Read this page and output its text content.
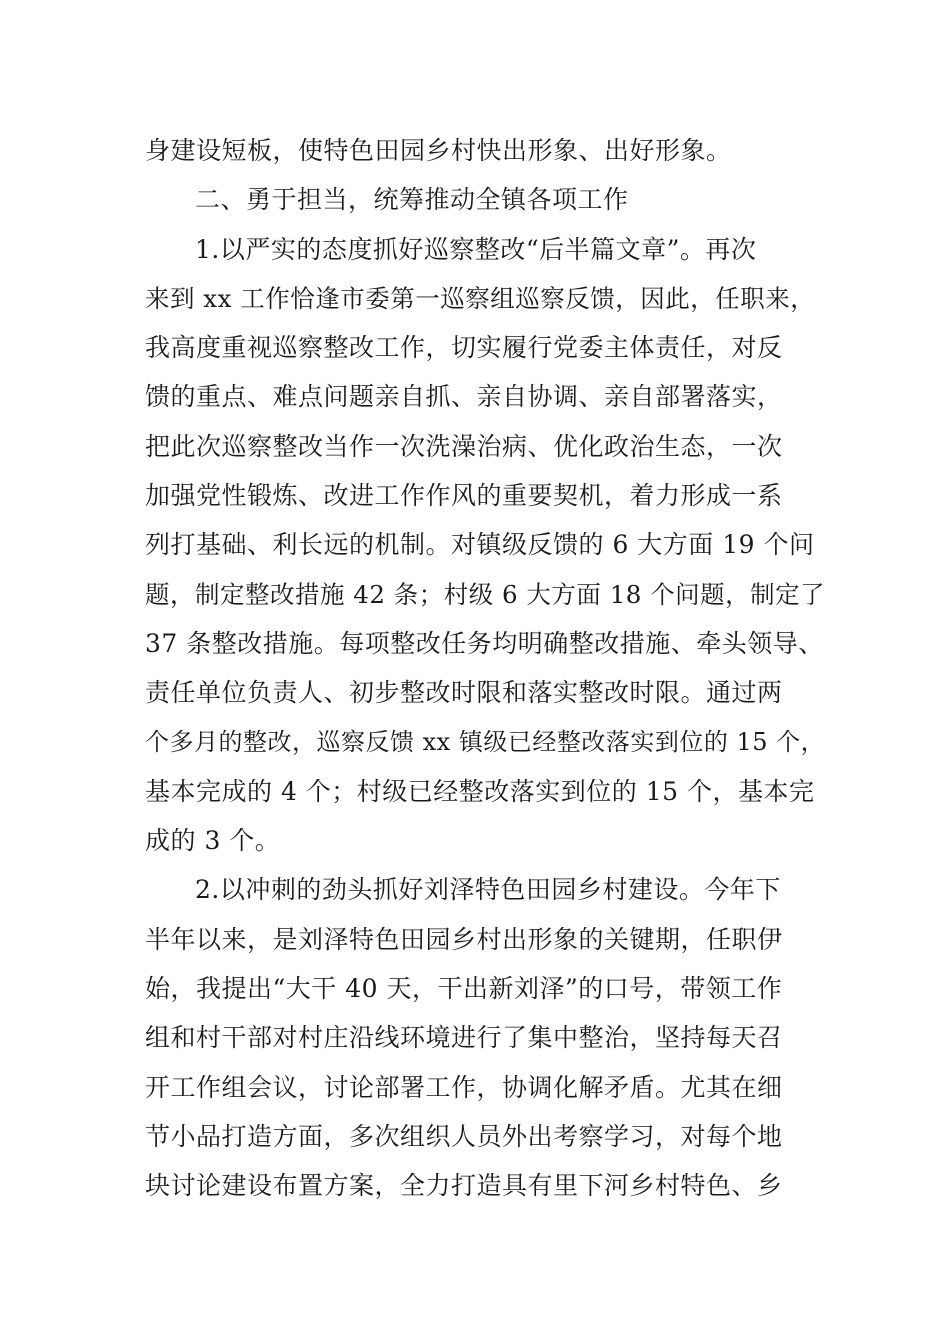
身建设短板，使特色田园乡村快出形象、出好形象。
二、勇于担当，统筹推动全镇各项工作
1.以严实的态度抓好巡察整改“后半篇文章”。再次
来到 xx 工作恰逢市委第一巡察组巡察反馈，因此，任职来，
我高度重视巡察整改工作，切实履行党委主体责任，对反
馈的重点、难点问题亲自抓、亲自协调、亲自部署落实，
把此次巡察整改当作一次洗澡治病、优化政治生态，一次
加强党性锻炼、改进工作作风的重要契机，着力形成一系
列打基础、利长远的机制。对镇级反馈的 6 大方面 19 个问
题，制定整改措施 42 条；村级 6 大方面 18 个问题，制定了
37 条整改措施。每项整改任务均明确整改措施、牵头领导、
责任单位负责人、初步整改时限和落实整改时限。通过两
个多月的整改，巡察反馈 xx 镇级已经整改落实到位的 15 个，
基本完成的 4 个；村级已经整改落实到位的 15 个，基本完
成的 3 个。
2.以冲刺的劲头抓好刘泽特色田园乡村建设。今年下
半年以来，是刘泽特色田园乡村出形象的关键期，任职伊
始，我提出“大干 40 天，干出新刘泽”的口号，带领工作
组和村干部对村庄沿线环境进行了集中整治，坚持每天召
开工作组会议，讨论部署工作，协调化解矛盾。尤其在细
节小品打造方面，多次组织人员外出考察学习，对每个地
块讨论建设布置方案，全力打造具有里下河乡村特色、乡
